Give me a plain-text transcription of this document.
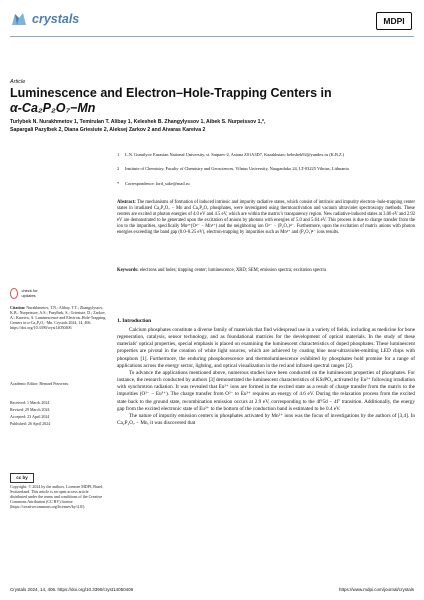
crystals	MDPI
Article
Luminescence and Electron–Hole-Trapping Centers in
α-Ca₂P₂O₇−Mn
Turlybek N. Nurakhmetov 1, Temirulan T. Alibay 1, Keleshek B. Zhangylyssov 1, Aibek S. Nurpeissov 1,*,
Sapargali Pazylbek 2, Diana Griesiute 2, Aleksej Zarkov 2 and Aivaras Kareiva 2
1 L.N. Gumilyov Eurasian National University, st. Satpaev-2, Astana Z01A3D7, Kazakhstan; keleshek92@yandex.ru (K.B.Z.)
2 Institute of Chemistry, Faculty of Chemistry and Geosciences, Vilnius University, Naugarduko 24, LT-03225 Vilnius, Lithuania
* Correspondence: lord_sake@mail.ru
Abstract: The mechanisms of formation of induced intrinsic and impurity radiative states, which consist of intrinsic and impurity electron–hole-trapping center states in irradiated Ca₂P₂O₇ − Mn and Ca₂P₂O₇ phosphates, were investigated using thermoactivation and vacuum ultraviolet spectroscopy methods. These centers are excited at photon energies of 4.0 eV and 4.5 eV, which are within the matrix’s transparency region. New radiative-induced states at 3.06 eV and 2.92 eV are demonstrated to be generated upon the excitation of anions by photons with energies of 5.0 and 5.64 eV. This process is due to charge transfer from the ion to the impurities, specifically Mn²⁺(O²⁻ − Mn²⁺) and the neighboring ion O²⁻ − (P₂O₇)⁴⁻. Furthermore, upon the excitation of matrix anions with photon energies exceeding the band gap (8.0–8.25 eV), electron-trapping by impurities such as Mn²⁺ and (P₂O₇)⁴⁻ ions results.
Keywords: electrons and holes; trapping center; luminescence; XRD; SEM; emission spectra; excitation spectra
check for updates
Citation: Nurakhmetov, T.N.; Alibay, T.T.; Zhangylyssov, K.B.; Nurpeissov, A.S.; Pazylbek, S.; Griesiute, D.; Zarkov, A.; Kareiva, A. Luminescence and Electron–Hole-Trapping Centers in α-Ca₂P₂O₇−Mn. Crystals 2024, 14, 406. https://doi.org/10.3390/cryst14050406
Academic Editor: Bernard Pouvreau
Received: 1 March 2024
Revised: 29 March 2024
Accepted: 23 April 2024
Published: 26 April 2024
cc by
Copyright: © 2024 by the authors. Licensee MDPI, Basel, Switzerland. This article is an open access article distributed under the terms and conditions of the Creative Commons Attribution (CC BY) license (https://creativecommons.org/licenses/by/4.0/).
1. Introduction

Calcium phosphates constitute a diverse family of materials that find widespread use in a variety of fields, including as medicine for bone regeneration, catalysis, sensor technology, and as foundational matrices for the development of optical materials. In the study of these materials’ optical properties, special emphasis is placed on examining the luminescent characteristics of doped phosphates. These luminescent properties are pivotal in the creation of white light sources, which are achieved by coating blue near-ultraviolet-emitting LED chips with phosphors [1]. Furthermore, the enduring phosphorescence and thermoluminescence exhibited by phosphates hold promise for a range of applications across the energy sector, lighting, and optical visualization in the red and infrared spectral ranges [2].

To advance the applications mentioned above, numerous studies have been conducted on the luminescent properties of phosphates. For instance, the research conducted by authors [3] demonstrated the luminescent characteristics of KSrPO₄ activated by Eu²⁺ following irradiation with synchrotron radiation. It was revealed that Eu²⁺ ions are formed in the excited state as a result of charge transfer from the matrix to the impurities (O²⁻ − Eu³⁺). The charge transfer from O²⁻ to Eu³⁺ requires an energy of 4.6 eV. During the relaxation process from the excited state back to the ground state, recombination emission occurs at 2.9 eV, corresponding to the 4f⁶5d − 4f⁷ transition. Additionally, the energy gap from the excited electronic state of Eu²⁺ to the bottom of the conduction band is estimated to be 0.4 eV.

The nature of impurity emission centers in phosphates activated by Mn²⁺ ions was the focus of investigations by the authors of [3,4]. In Ca₂P₂O₇ − Mn, it was discovered that

Crystals 2024, 14, 406. https://doi.org/10.3390/cryst14050406	https://www.mdpi.com/journal/crystals
